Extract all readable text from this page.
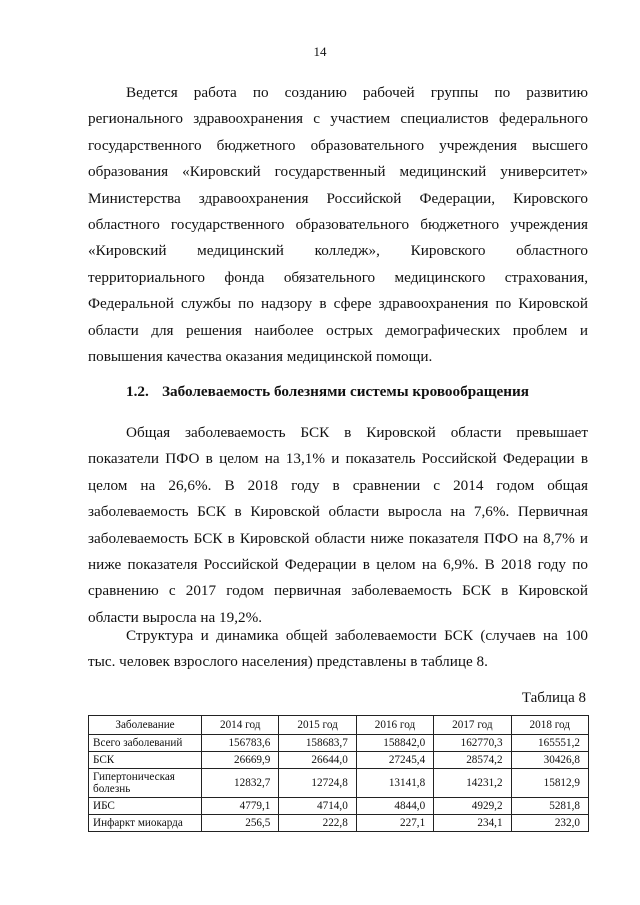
14

Ведется работа по созданию рабочей группы по развитию регионального здравоохранения с участием специалистов федерального государственного бюджетного образовательного учреждения высшего образования «Кировский государственный медицинский университет» Министерства здравоохранения Российской Федерации, Кировского областного государственного образовательного бюджетного учреждения «Кировский медицинский колледж», Кировского областного территориального фонда обязательного медицинского страхования, Федеральной службы по надзору в сфере здравоохранения по Кировской области для решения наиболее острых демографических проблем и повышения качества оказания медицинской помощи.

1.2. Заболеваемость болезнями системы кровообращения

Общая заболеваемость БСК в Кировской области превышает показатели ПФО в целом на 13,1% и показатель Российской Федерации в целом на 26,6%. В 2018 году в сравнении с 2014 годом общая заболеваемость БСК в Кировской области выросла на 7,6%. Первичная заболеваемость БСК в Кировской области ниже показателя ПФО на 8,7% и ниже показателя Российской Федерации в целом на 6,9%. В 2018 году по сравнению с 2017 годом первичная заболеваемость БСК в Кировской области выросла на 19,2%.

Структура и динамика общей заболеваемости БСК (случаев на 100 тыс. человек взрослого населения) представлены в таблице 8.

Таблица 8
Заболевание	2014 год	2015 год	2016 год	2017 год	2018 год
Всего заболеваний	156783,6	158683,7	158842,0	162770,3	165551,2
БСК	26669,9	26644,0	27245,4	28574,2	30426,8
Гипертоническая болезнь	12832,7	12724,8	13141,8	14231,2	15812,9
ИБС	4779,1	4714,0	4844,0	4929,2	5281,8
Инфаркт миокарда	256,5	222,8	227,1	234,1	232,0
